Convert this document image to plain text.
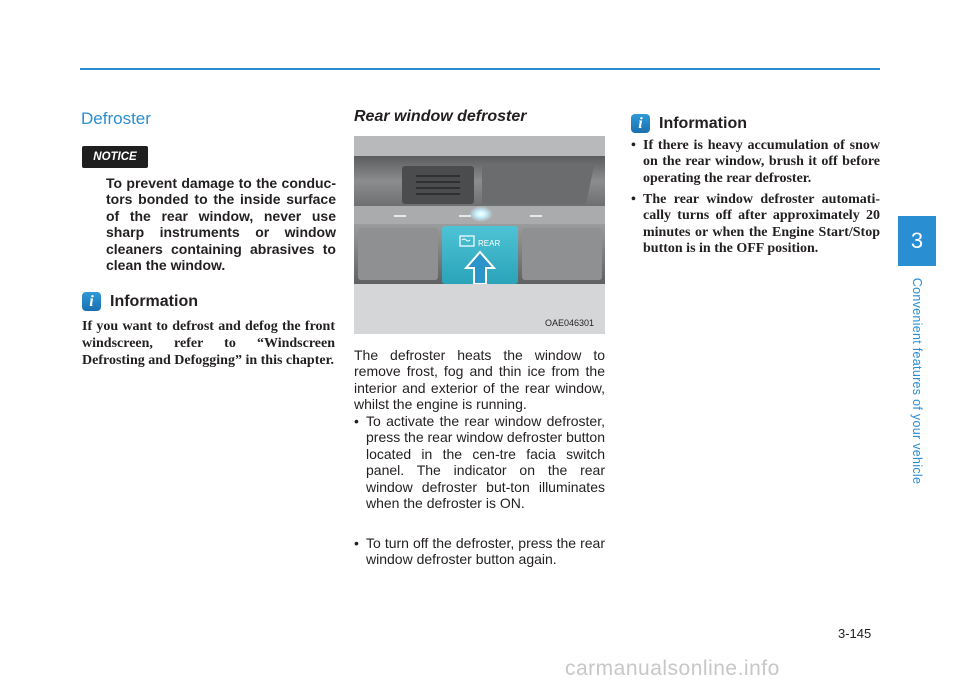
Defroster
NOTICE
To prevent damage to the conduc-tors bonded to the inside surface of the rear window, never use sharp instruments or window cleaners containing abrasives to clean the window.
i	Information
If you want to defrost and defog the front windscreen, refer to “Windscreen Defrosting and Defogging” in this chapter.
Rear window defroster
REAR
OAE046301
The defroster heats the window to remove frost, fog and thin ice from the interior and exterior of the rear window, whilst the engine is running.
• To activate the rear window defroster, press the rear window defroster button located in the cen-tre facia switch panel. The indicator on the rear window defroster but-ton illuminates when the defroster is ON.
• To turn off the defroster, press the rear window defroster button again.
i	Information
• If there is heavy accumulation of snow on the rear window, brush it off before operating the rear defroster.
• The rear window defroster automati-cally turns off after approximately 20 minutes or when the Engine Start/Stop button is in the OFF position.	3
Convenient features of your vehicle
3-145
carmanualsonline.info
